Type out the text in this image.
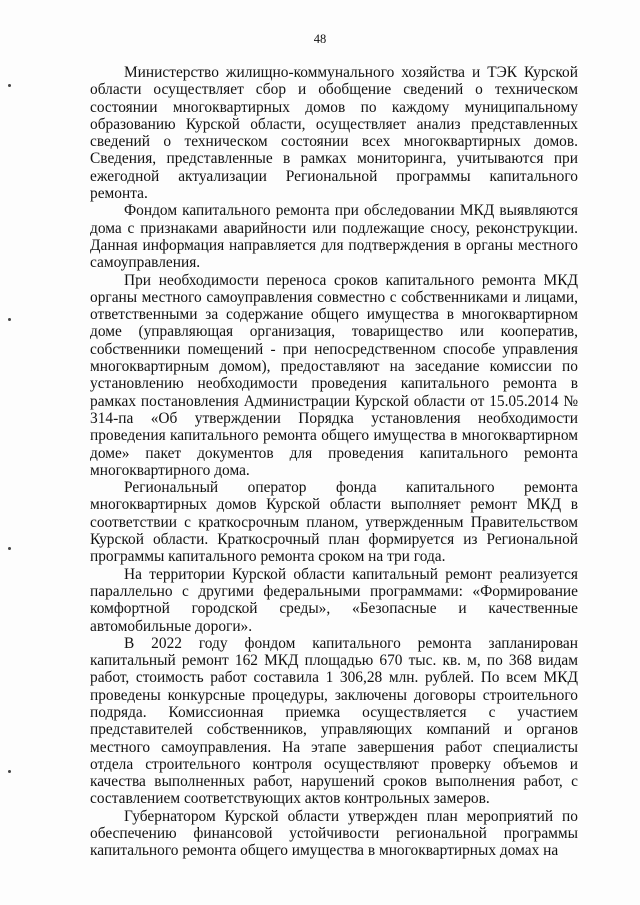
48

Министерство жилищно-коммунального хозяйства и ТЭК Курской области осуществляет сбор и обобщение сведений о техническом состоянии многоквартирных домов по каждому муниципальному образованию Курской области, осуществляет анализ представленных сведений о техническом состоянии всех многоквартирных домов. Сведения, представленные в рамках мониторинга, учитываются при ежегодной актуализации Региональной программы капитального ремонта.

Фондом капитального ремонта при обследовании МКД выявляются дома с признаками аварийности или подлежащие сносу, реконструкции. Данная информация направляется для подтверждения в органы местного самоуправления.

При необходимости переноса сроков капитального ремонта МКД органы местного самоуправления совместно с собственниками и лицами, ответственными за содержание общего имущества в многоквартирном доме (управляющая организация, товарищество или кооператив, собственники помещений - при непосредственном способе управления многоквартирным домом), предоставляют на заседание комиссии по установлению необходимости проведения капитального ремонта в рамках постановления Администрации Курской области от 15.05.2014 № 314-па «Об утверждении Порядка установления необходимости проведения капитального ремонта общего имущества в многоквартирном доме» пакет документов для проведения капитального ремонта многоквартирного дома.

Региональный оператор фонда капитального ремонта многоквартирных домов Курской области выполняет ремонт МКД в соответствии с краткосрочным планом, утвержденным Правительством Курской области. Краткосрочный план формируется из Региональной программы капитального ремонта сроком на три года.

На территории Курской области капитальный ремонт реализуется параллельно с другими федеральными программами: «Формирование комфортной городской среды», «Безопасные и качественные автомобильные дороги».

В 2022 году фондом капитального ремонта запланирован капитальный ремонт 162 МКД площадью 670 тыс. кв. м, по 368 видам работ, стоимость работ составила 1 306,28 млн. рублей. По всем МКД проведены конкурсные процедуры, заключены договоры строительного подряда. Комиссионная приемка осуществляется с участием представителей собственников, управляющих компаний и органов местного самоуправления. На этапе завершения работ специалисты отдела строительного контроля осуществляют проверку объемов и качества выполненных работ, нарушений сроков выполнения работ, с составлением соответствующих актов контрольных замеров.

Губернатором Курской области утвержден план мероприятий по обеспечению финансовой устойчивости региональной программы капитального ремонта общего имущества в многоквартирных домах на
